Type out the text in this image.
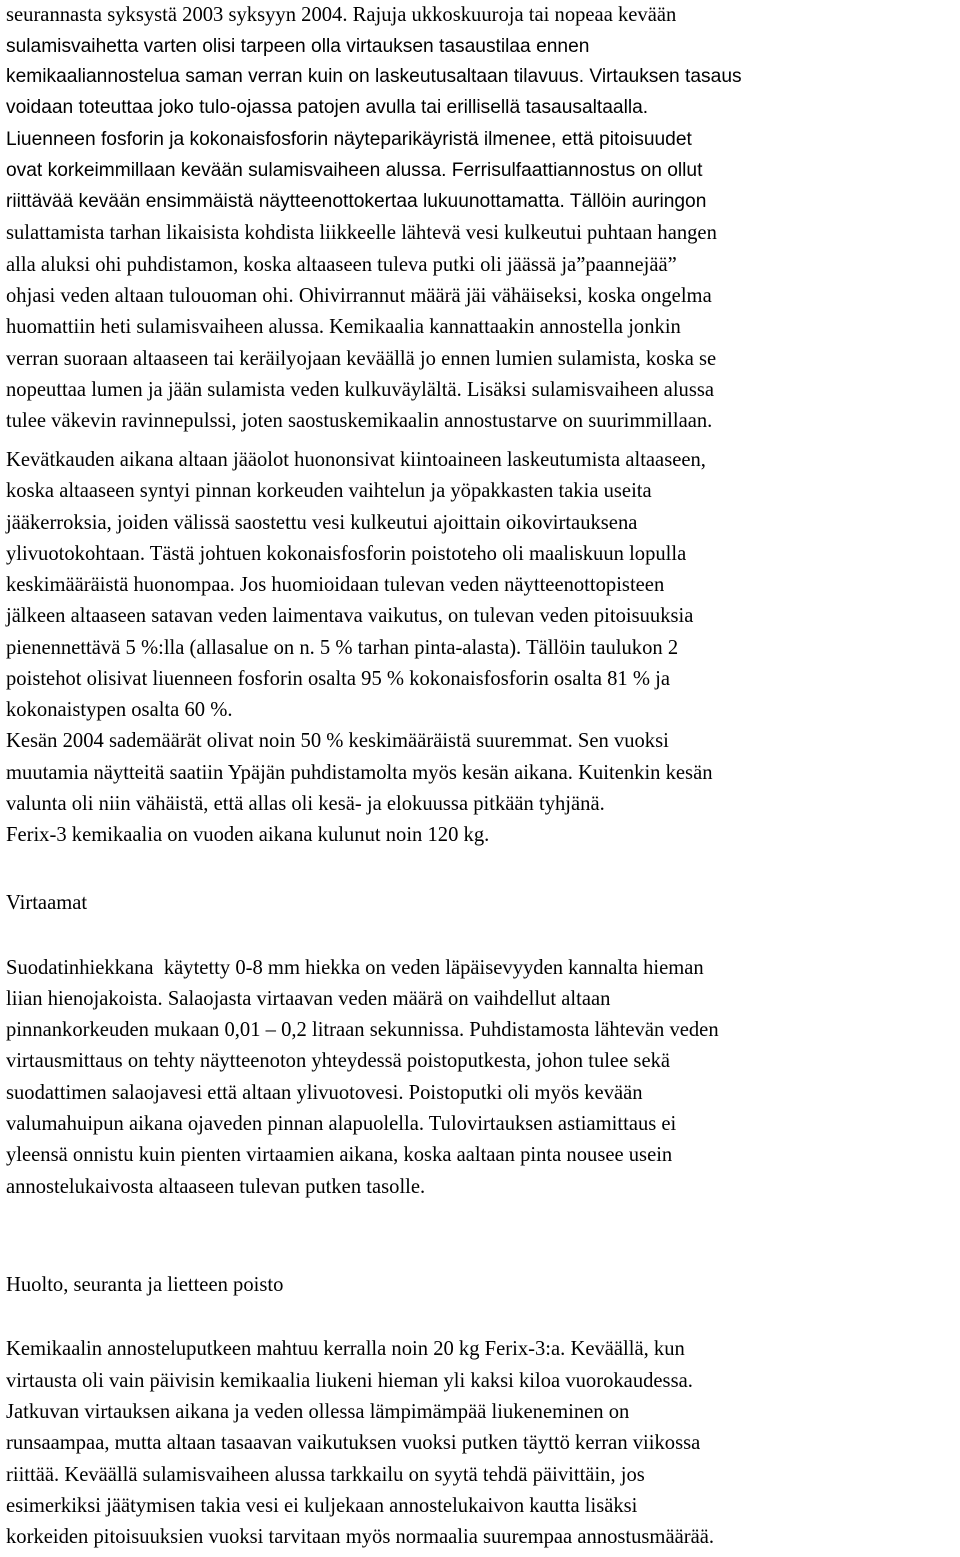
seurannasta syksystä 2003 syksyyn 2004. Rajuja ukkoskuuroja tai nopeaa kevään
sulamisvaihetta varten olisi tarpeen olla virtauksen tasaustilaa ennen
kemikaaliannostelua saman verran kuin on laskeutusaltaan tilavuus. Virtauksen tasaus
voidaan toteuttaa joko tulo-ojassa patojen avulla tai erillisellä tasausaltaalla.
Liuenneen fosforin ja kokonaisfosforin näyteparikäyristä ilmenee, että pitoisuudet
ovat korkeimmillaan kevään sulamisvaiheen alussa. Ferrisulfaattiannostus on ollut
riittävää kevään ensimmäistä näytteenottokertaa lukuunottamatta. Tällöin auringon
sulattamista tarhan likaisista kohdista liikkeelle lähtevä vesi kulkeutui puhtaan hangen
alla aluksi ohi puhdistamon, koska altaaseen tuleva putki oli jäässä ja”paannejää”
ohjasi veden altaan tulouoman ohi. Ohivirrannut määrä jäi vähäiseksi, koska ongelma
huomattiin heti sulamisvaiheen alussa. Kemikaalia kannattaakin annostella jonkin
verran suoraan altaaseen tai keräilyojaan keväällä jo ennen lumien sulamista, koska se
nopeuttaa lumen ja jään sulamista veden kulkuväylältä. Lisäksi sulamisvaiheen alussa
tulee väkevin ravinnepulssi, joten saostuskemikaalin annostustarve on suurimmillaan.
Kevätkauden aikana altaan jääolot huononsivat kiintoaineen laskeutumista altaaseen,
koska altaaseen syntyi pinnan korkeuden vaihtelun ja yöpakkasten takia useita
jääkerroksia, joiden välissä saostettu vesi kulkeutui ajoittain oikovirtauksena
ylivuotokohtaan. Tästä johtuen kokonaisfosforin poistoteho oli maaliskuun lopulla
keskimääräistä huonompaa. Jos huomioidaan tulevan veden näytteenottopisteen
jälkeen altaaseen satavan veden laimentava vaikutus, on tulevan veden pitoisuuksia
pienennettävä 5 %:lla (allasalue on n. 5 % tarhan pinta-alasta). Tällöin taulukon 2
poistehot olisivat liuenneen fosforin osalta 95 % kokonaisfosforin osalta 81 % ja
kokonaistypen osalta 60 %.
Kesän 2004 sademäärät olivat noin 50 % keskimääräistä suuremmat. Sen vuoksi
muutamia näytteitä saatiin Ypäjän puhdistamolta myös kesän aikana. Kuitenkin kesän
valunta oli niin vähäistä, että allas oli kesä- ja elokuussa pitkään tyhjänä.
Ferix-3 kemikaalia on vuoden aikana kulunut noin 120 kg.
Virtaamat
Suodatinhiekkana  käytetty 0-8 mm hiekka on veden läpäisevyyden kannalta hieman
liian hienojakoista. Salaojasta virtaavan veden määrä on vaihdellut altaan
pinnankorkeuden mukaan 0,01 – 0,2 litraan sekunnissa. Puhdistamosta lähtevän veden
virtausmittaus on tehty näytteenoton yhteydessä poistoputkesta, johon tulee sekä
suodattimen salaojavesi että altaan ylivuotovesi. Poistoputki oli myös kevään
valumahuipun aikana ojaveden pinnan alapuolella. Tulovirtauksen astiamittaus ei
yleensä onnistu kuin pienten virtaamien aikana, koska aaltaan pinta nousee usein
annostelukaivosta altaaseen tulevan putken tasolle.
Huolto, seuranta ja lietteen poisto
Kemikaalin annosteluputkeen mahtuu kerralla noin 20 kg Ferix-3:a. Keväällä, kun
virtausta oli vain päivisin kemikaalia liukeni hieman yli kaksi kiloa vuorokaudessa.
Jatkuvan virtauksen aikana ja veden ollessa lämpimämpää liukeneminen on
runsaampaa, mutta altaan tasaavan vaikutuksen vuoksi putken täyttö kerran viikossa
riittää. Keväällä sulamisvaiheen alussa tarkkailu on syytä tehdä päivittäin, jos
esimerkiksi jäätymisen takia vesi ei kuljekaan annostelukaivon kautta lisäksi
korkeiden pitoisuuksien vuoksi tarvitaan myös normaalia suurempaa annostusmäärää.
